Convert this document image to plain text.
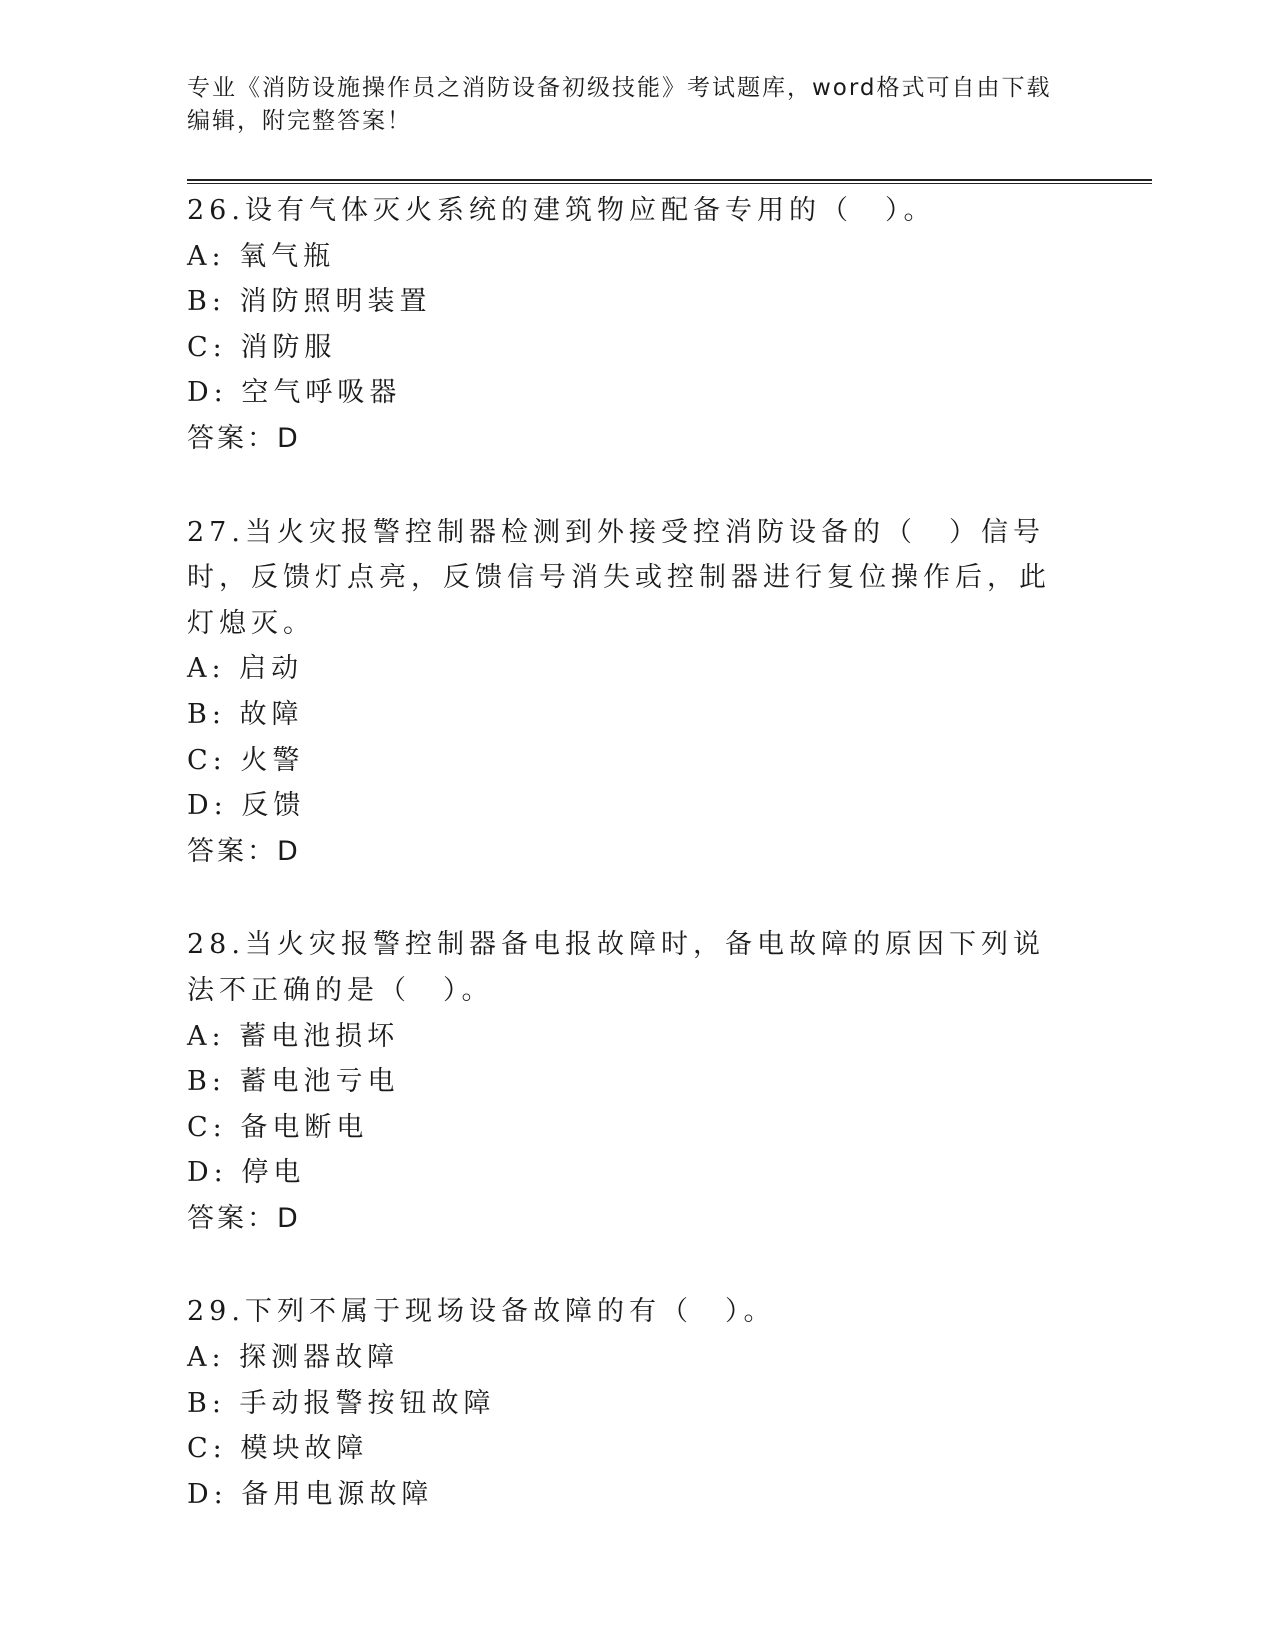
专业《消防设施操作员之消防设备初级技能》考试题库，word格式可自由下载编辑，附完整答案！
26.设有气体灭火系统的建筑物应配备专用的（　）。
A: 氧气瓶
B: 消防照明装置
C: 消防服
D: 空气呼吸器
答案：D
27.当火灾报警控制器检测到外接受控消防设备的（　）信号时，反馈灯点亮，反馈信号消失或控制器进行复位操作后，此灯熄灭。
A: 启动
B: 故障
C: 火警
D: 反馈
答案：D
28.当火灾报警控制器备电报故障时，备电故障的原因下列说法不正确的是（　）。
A: 蓄电池损坏
B: 蓄电池亏电
C: 备电断电
D: 停电
答案：D
29.下列不属于现场设备故障的有（　）。
A: 探测器故障
B: 手动报警按钮故障
C: 模块故障
D: 备用电源故障
